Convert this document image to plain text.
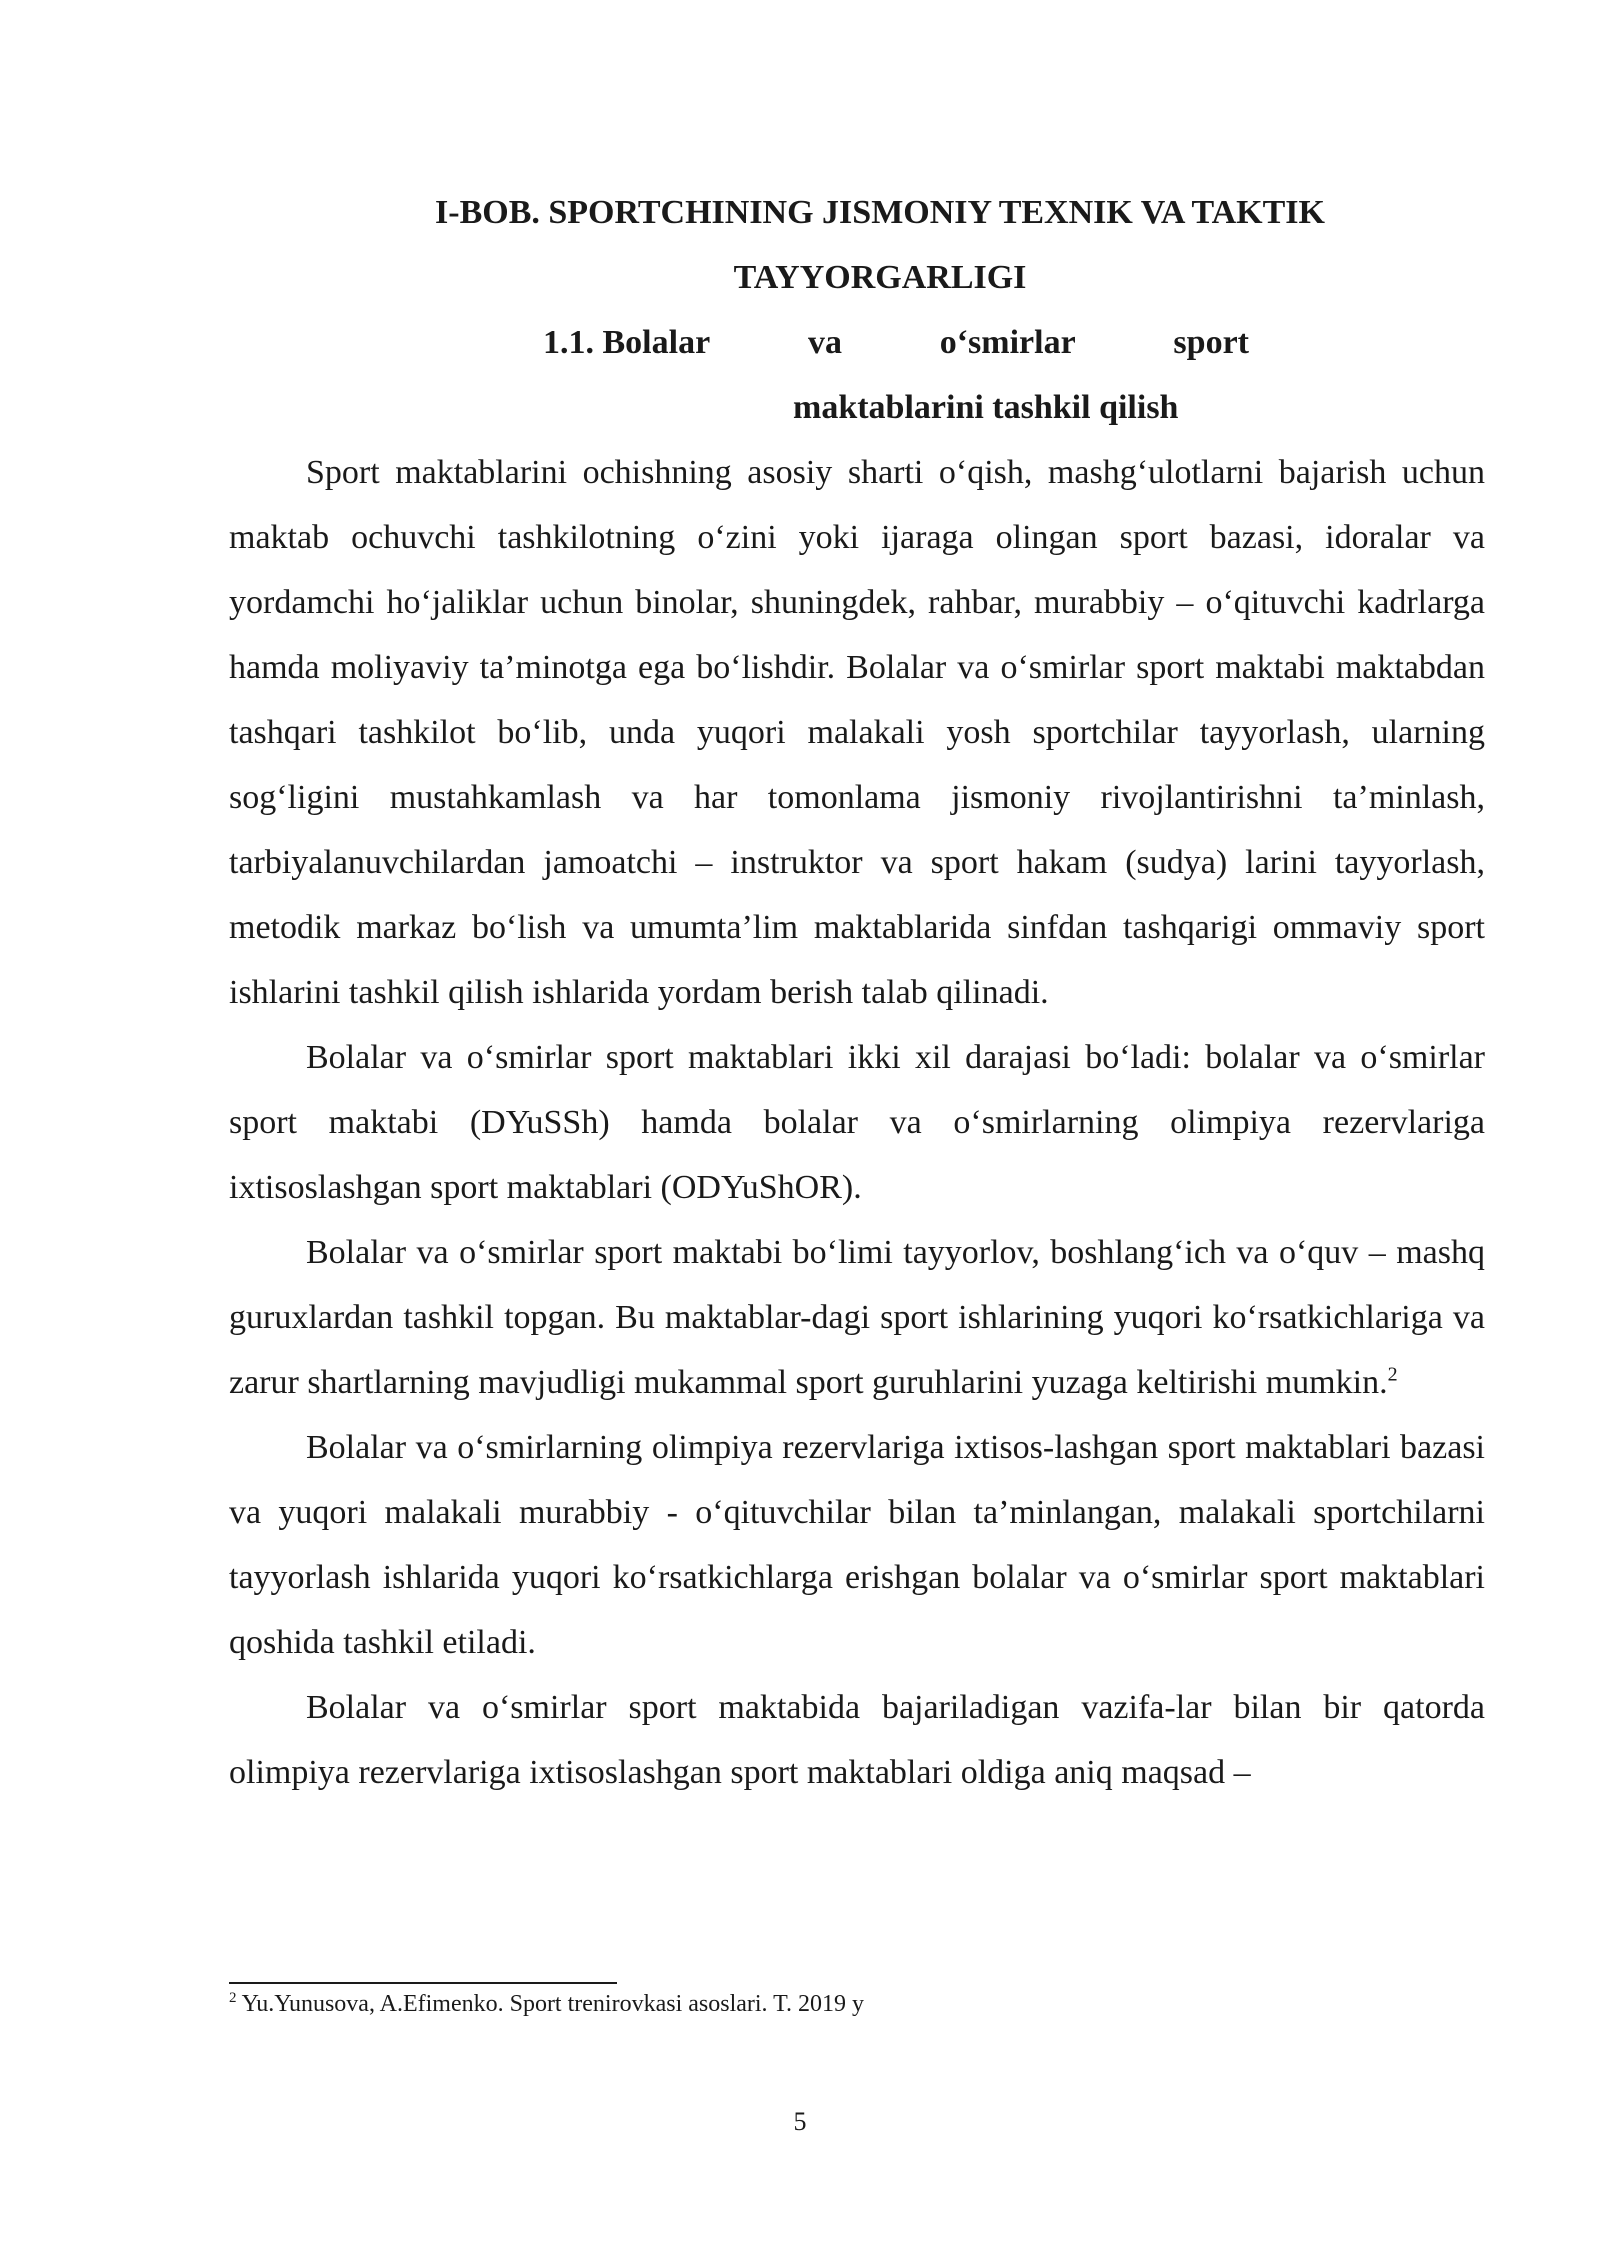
I-BOB. SPORTCHINING JISMONIY TEXNIK VA TAKTIK
TAYYORGARLIGI
1.1. Bolalar	va	o‘smirlar	sport
maktablarini tashkil qilish

Sport maktablarini ochishning asosiy sharti o‘qish, mashg‘ulotlarni bajarish uchun maktab ochuvchi tashkilotning o‘zini yoki ijaraga olingan sport bazasi, idoralar va yordamchi ho‘jaliklar uchun binolar, shuningdek, rahbar, murabbiy – o‘qituvchi kadrlarga hamda moliyaviy ta’minotga ega bo‘lishdir. Bolalar va o‘smirlar sport maktabi maktabdan tashqari tashkilot bo‘lib, unda yuqori malakali yosh sportchilar tayyorlash, ularning sog‘ligini mustahkamlash va har tomonlama jismoniy rivojlantirishni ta’minlash, tarbiyalanuvchilardan jamoatchi – instruktor va sport hakam (sudya) larini tayyorlash, metodik markaz bo‘lish va umumta’lim maktablarida sinfdan tashqarigi ommaviy sport ishlarini tashkil qilish ishlarida yordam berish talab qilinadi.

Bolalar va o‘smirlar sport maktablari ikki xil darajasi bo‘ladi: bolalar va o‘smirlar sport maktabi (DYuSSh) hamda bolalar va o‘smirlarning olimpiya rezervlariga ixtisoslashgan sport maktablari (ODYuShOR).

Bolalar va o‘smirlar sport maktabi bo‘limi tayyorlov, boshlang‘ich va o‘quv – mashq guruxlardan tashkil topgan. Bu maktablar-dagi sport ishlarining yuqori ko‘rsatkichlariga va zarur shartlarning mavjudligi mukammal sport guruhlarini yuzaga keltirishi mumkin.$^2$

Bolalar va o‘smirlarning olimpiya rezervlariga ixtisos-lashgan sport maktablari bazasi va yuqori malakali murabbiy - o‘qituvchilar bilan ta’minlangan, malakali sportchilarni tayyorlash ishlarida yuqori ko‘rsatkichlarga erishgan bolalar va o‘smirlar sport maktablari qoshida tashkil etiladi.

Bolalar va o‘smirlar sport maktabida bajariladigan vazifa-lar bilan bir qatorda olimpiya rezervlariga ixtisoslashgan sport maktablari oldiga aniq maqsad –

$^2$ Yu.Yunusova, A.Efimenko. Sport trenirovkasi asoslari. T. 2019 y
5
